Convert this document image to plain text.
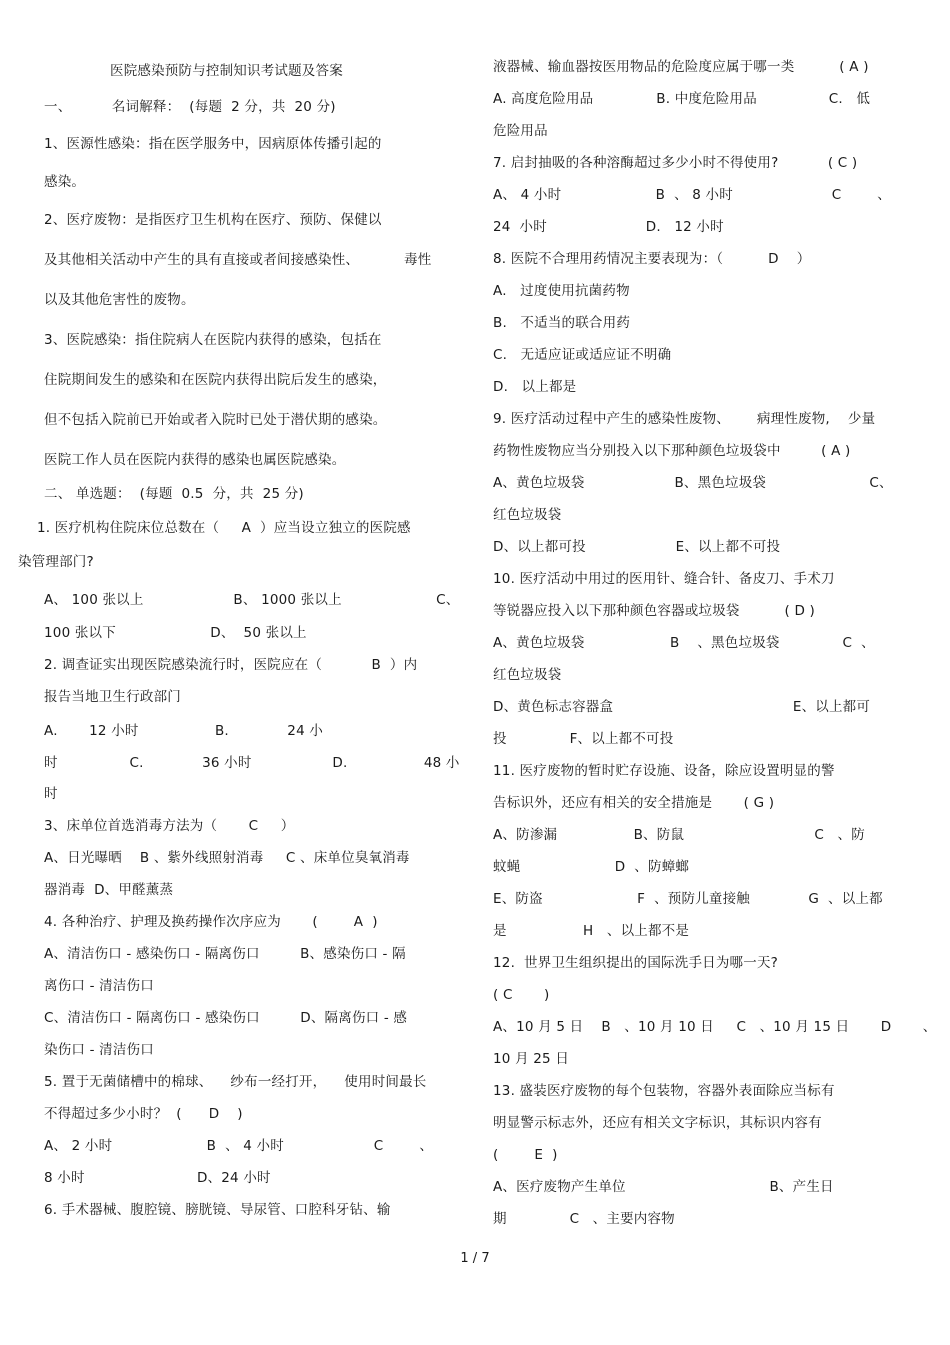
医院感染预防与控制知识考试题及答案
一、         名词解释：  (每题  2 分，共  20 分)
1、医源性感染：指在医学服务中，因病原体传播引起的
感染。
2、医疗废物：是指医疗卫生机构在医疗、预防、保健以
及其他相关活动中产生的具有直接或者间接感染性、          毒性
以及其他危害性的废物。
3、医院感染：指住院病人在医院内获得的感染，包括在
住院期间发生的感染和在医院内获得出院后发生的感染，
但不包括入院前已开始或者入院时已处于潜伏期的感染。
医院工作人员在医院内获得的感染也属医院感染。
二、 单选题：  (每题  0.5  分，共  25 分)
1. 医疗机构住院床位总数在（     A  ）应当设立独立的医院感
染管理部门?
A、 100 张以上                    B、 1000 张以上                     C、
100 张以下                     D、  50 张以上
2. 调查证实出现医院感染流行时，医院应在（           B  ）内
报告当地卫生行政部门
A.       12 小时                 B.             24 小
时                C.             36 小时                  D.                 48 小
时
3、床单位首选消毒方法为（       C     ）
A、日光曝晒    B 、紫外线照射消毒     C 、床单位臭氧消毒
器消毒  D、甲醛薰蒸
4. 各种治疗、护理及换药操作次序应为       (        A  )
A、清洁伤口 - 感染伤口 - 隔离伤口         B、感染伤口 - 隔
离伤口 - 清洁伤口
C、清洁伤口 - 隔离伤口 - 感染伤口         D、隔离伤口 - 感
染伤口 - 清洁伤口
5. 置于无菌储槽中的棉球、    纱布一经打开，    使用时间最长
不得超过多少小时？  (      D    )
A、 2 小时                     B  、 4 小时                    C        、
8 小时                         D、24 小时
6. 手术器械、腹腔镜、膀胱镜、导尿管、口腔科牙钻、输
液器械、输血器按医用物品的危险度应属于哪一类          ( A )
A. 高度危险用品              B. 中度危险用品                C.   低
危险用品
7. 启封抽吸的各种溶酶超过多少小时不得使用?           ( C )
A、 4 小时                     B  、 8 小时                      C        、
24  小时                      D.   12 小时
8. 医院不合理用药情况主要表现为：（          D    ）
A.   过度使用抗菌药物
B.   不适当的联合用药
C.   无适应证或适应证不明确
D.   以上都是
9. 医疗活动过程中产生的感染性废物、      病理性废物,    少量
药物性废物应当分别投入以下那种颜色垃圾袋中         ( A )
A、黄色垃圾袋                    B、黑色垃圾袋                       C、
红色垃圾袋
D、以上都可投                    E、以上都不可投
10. 医疗活动中用过的医用针、缝合针、备皮刀、手术刀
等锐器应投入以下那种颜色容器或垃圾袋          ( D )
A、黄色垃圾袋                   B    、黑色垃圾袋              C  、
红色垃圾袋
D、黄色标志容器盒                                        E、以上都可
投              F、以上都不可投
11. 医疗废物的暂时贮存设施、设备，除应设置明显的警
告标识外，还应有相关的安全措施是       ( G )
A、防渗漏                 B、防鼠                             C   、防
蚊蝇                     D  、防蟑螂
E、防盗                     F  、预防儿童接触             G  、以上都
是                 H   、以上都不是
12.  世界卫生组织提出的国际洗手日为哪一天?
( C       )
A、10 月 5 日    B   、10 月 10 日     C   、10 月 15 日       D       、
10 月 25 日
13. 盛装医疗废物的每个包装物，容器外表面除应当标有
明显警示标志外，还应有相关文字标识，其标识内容有
(        E  )
A、医疗废物产生单位                                B、产生日
期              C   、主要内容物
1 / 7
